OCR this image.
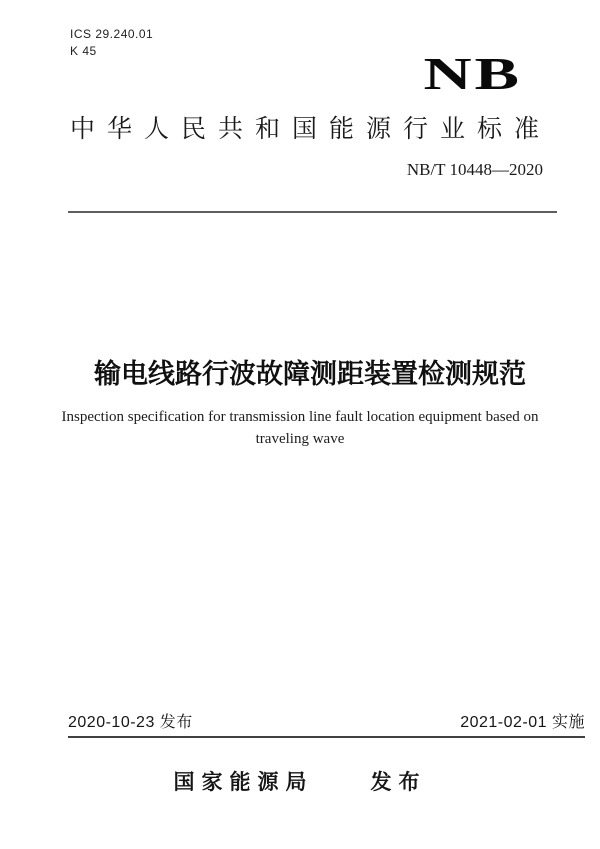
ICS 29.240.01
K 45	NB
中华人民共和国能源行业标准
NB/T 10448—2020
输电线路行波故障测距装置检测规范
Inspection specification for transmission line fault location equipment based on
traveling wave
2020-10-23 发布	2021-02-01 实施
国家能源局	发布
